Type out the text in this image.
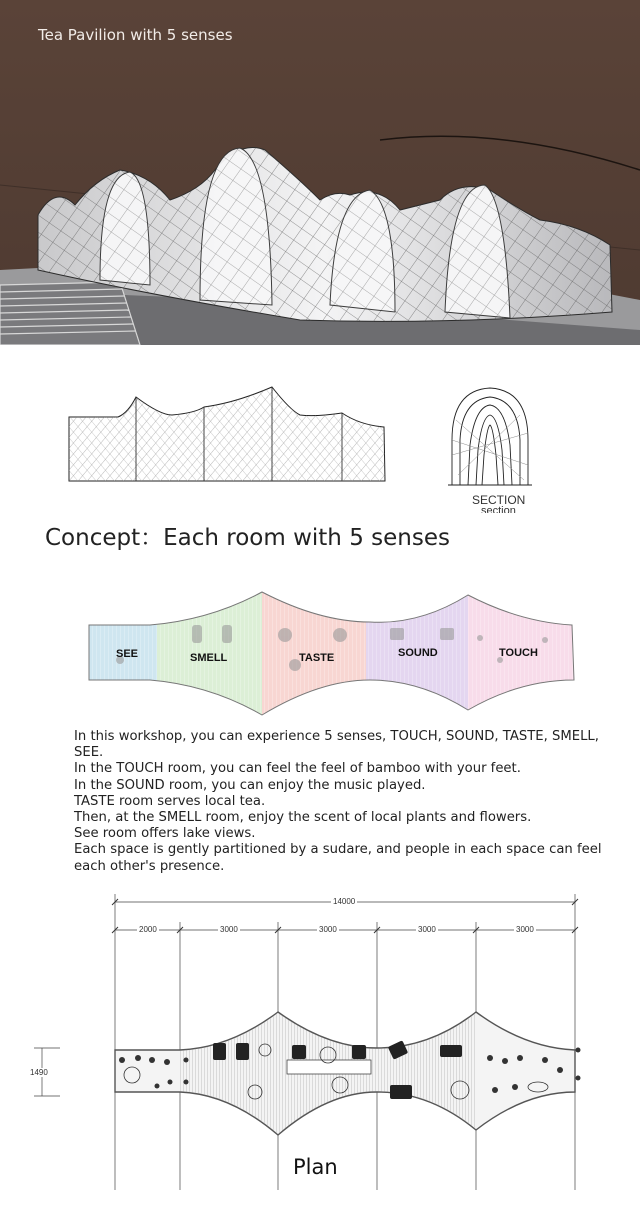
Tea Pavilion with 5 senses
SECTION
section
Concept：Each room with 5 senses
SEE	SMELL	TASTE	SOUND	TOUCH

In this workshop, you can experience 5 senses, TOUCH, SOUND, TASTE, SMELL, SEE.

In the TOUCH room, you can feel the feel of bamboo with your feet.

In the SOUND room, you can enjoy the music played.

TASTE room serves local tea.

Then, at the SMELL room, enjoy the scent of local plants and flowers.

See room offers lake views.

Each space is gently partitioned by a sudare, and people in each space can feel

each other's presence.

14000
2000	3000	3000	3000	3000
1490
Plan
